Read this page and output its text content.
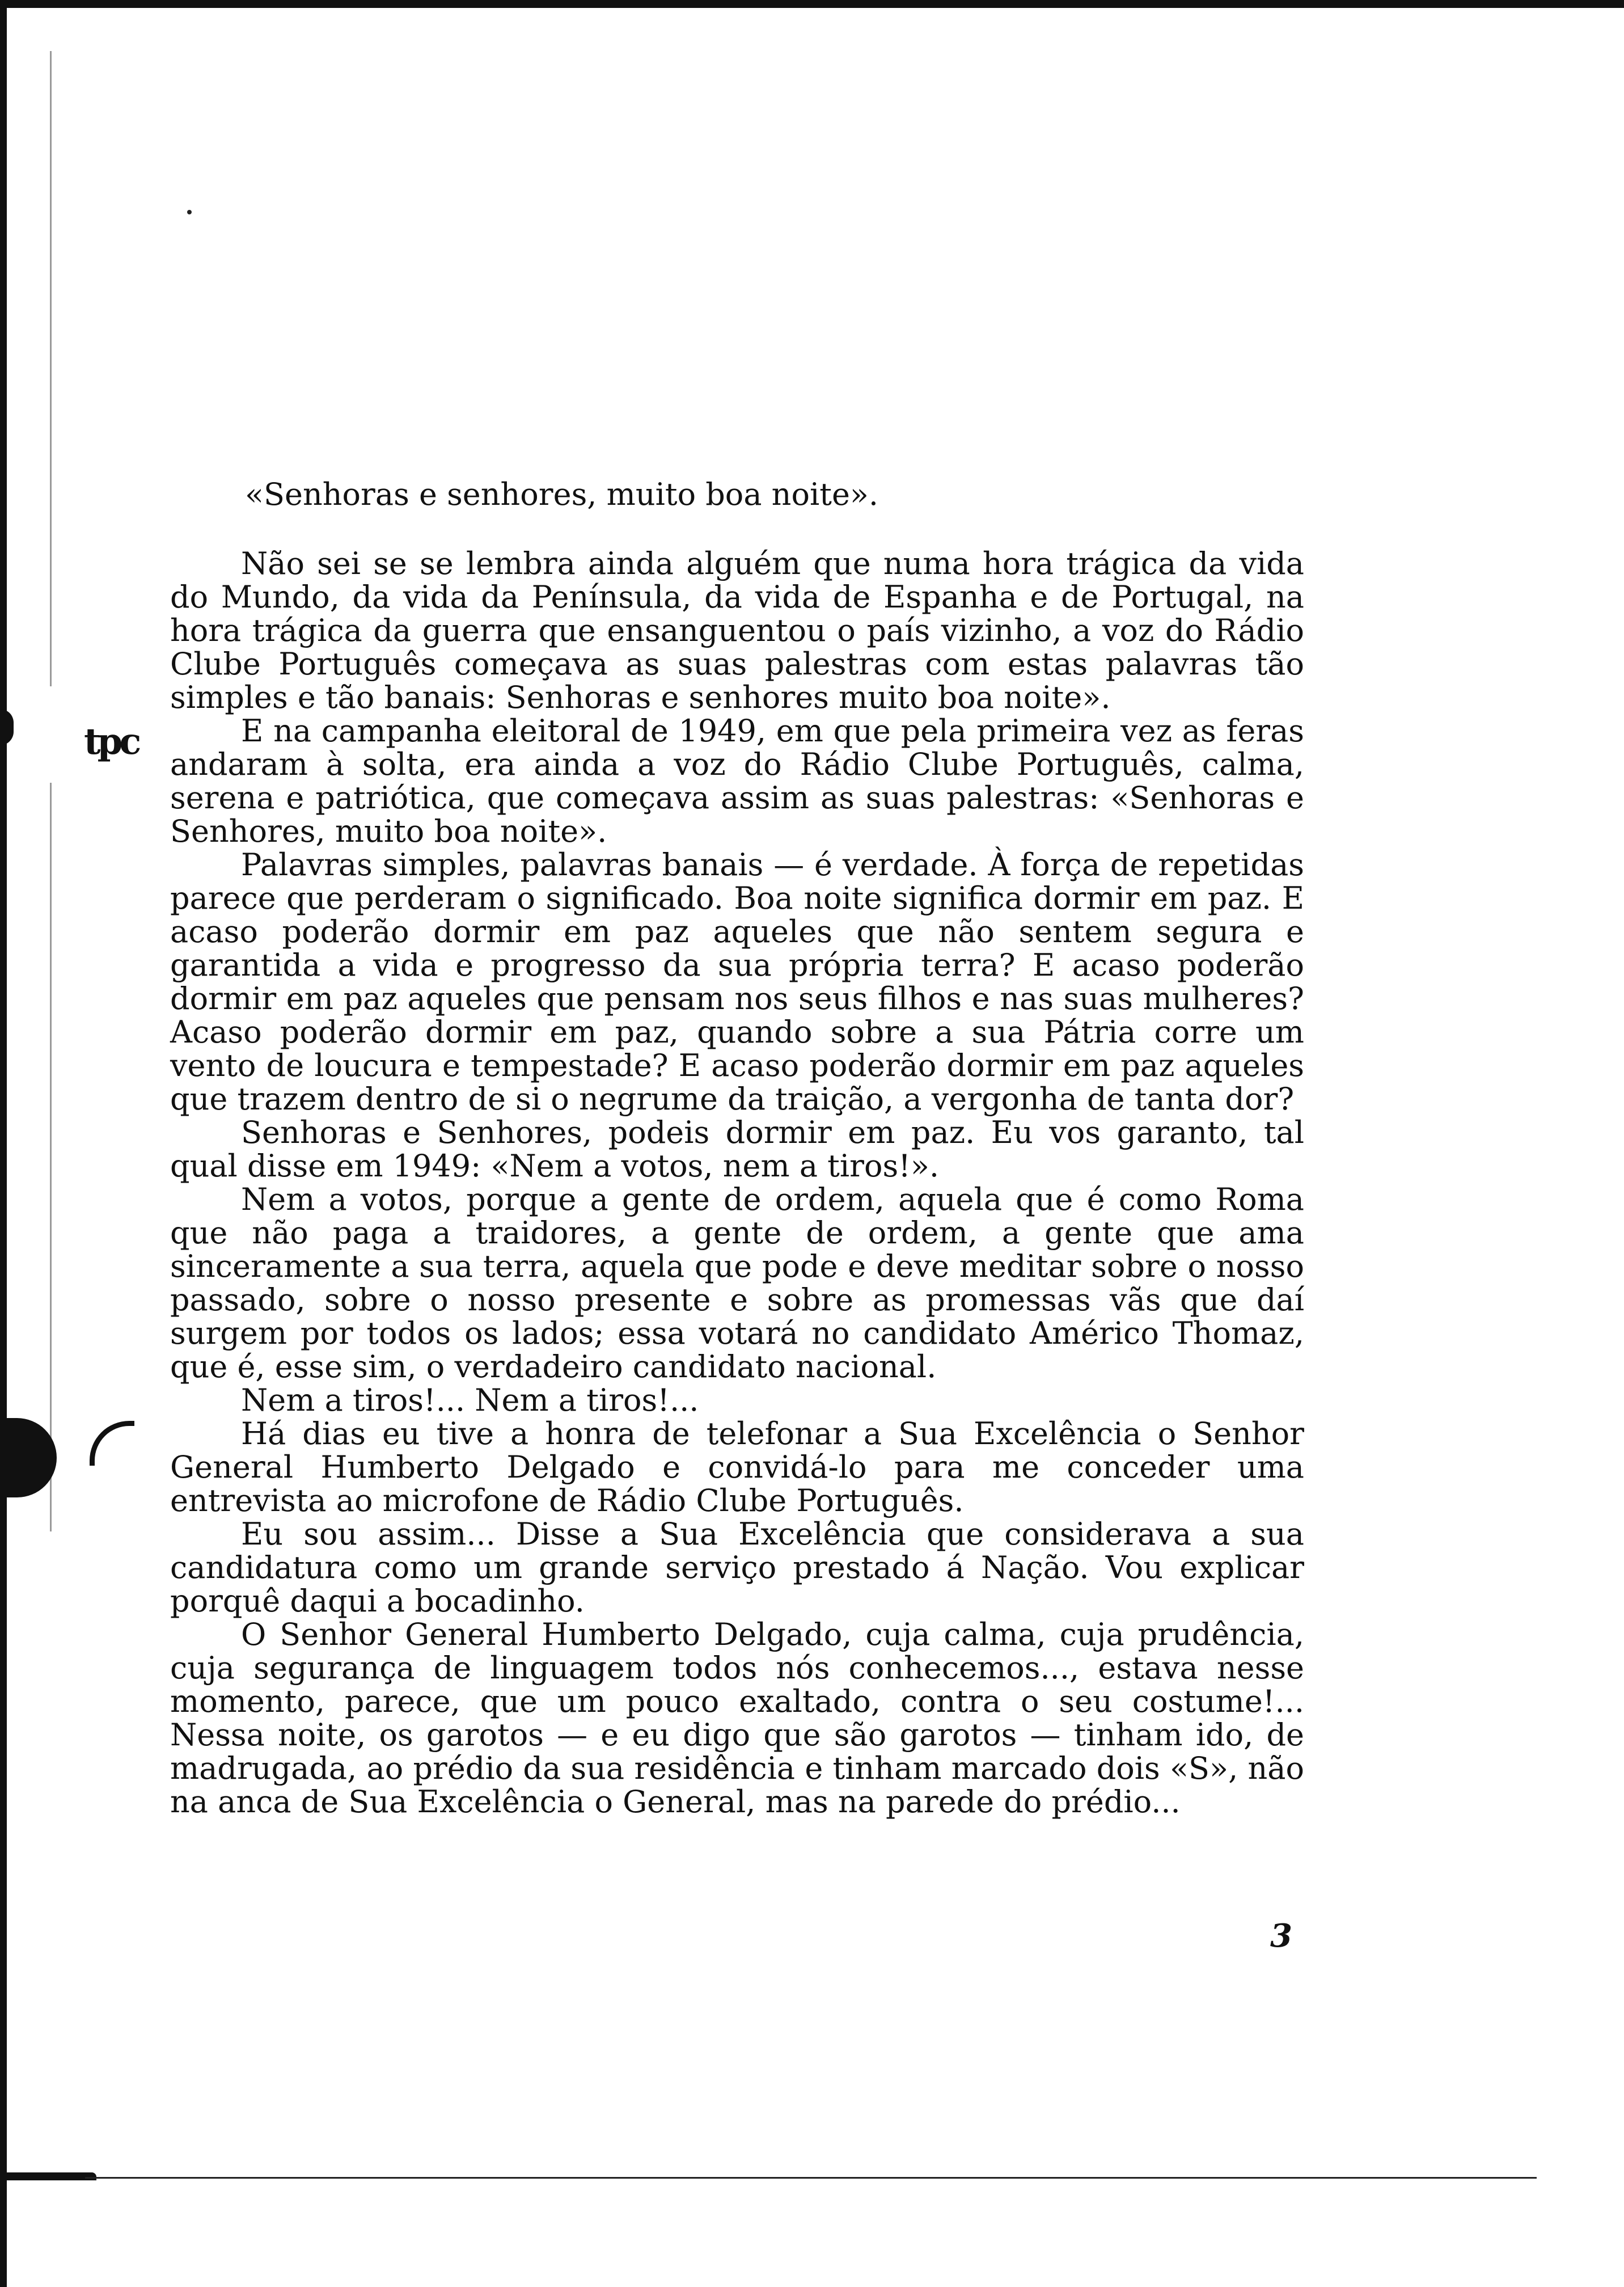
tpc

«Senhoras e senhores, muito boa noite».

Não sei se se lembra ainda alguém que numa hora trágica da vida do Mundo, da vida da Península, da vida de Espanha e de Portugal, na hora trágica da guerra que ensanguentou o país vizinho, a voz do Rádio Clube Português começava as suas palestras com estas palavras tão simples e tão banais: Senhoras e senhores muito boa noite».

E na campanha eleitoral de 1949, em que pela primeira vez as feras andaram à solta, era ainda a voz do Rádio Clube Português, calma, serena e patriótica, que começava assim as suas palestras: «Senhoras e Senhores, muito boa noite».

Palavras simples, palavras banais — é verdade. À força de repetidas parece que perderam o significado. Boa noite significa dormir em paz. E acaso poderão dormir em paz aqueles que não sentem segura e garantida a vida e progresso da sua própria terra? E acaso poderão dormir em paz aqueles que pensam nos seus filhos e nas suas mulheres? Acaso poderão dormir em paz, quando sobre a sua Pátria corre um vento de loucura e tempestade? E acaso poderão dormir em paz aqueles que trazem dentro de si o negrume da traição, a vergonha de tanta dor?

Senhoras e Senhores, podeis dormir em paz. Eu vos garanto, tal qual disse em 1949: «Nem a votos, nem a tiros!».

Nem a votos, porque a gente de ordem, aquela que é como Roma que não paga a traidores, a gente de ordem, a gente que ama sinceramente a sua terra, aquela que pode e deve meditar sobre o nosso passado, sobre o nosso presente e sobre as promessas vãs que daí surgem por todos os lados; essa votará no candidato Américo Thomaz, que é, esse sim, o verdadeiro candidato nacional.

Nem a tiros!... Nem a tiros!...

Há dias eu tive a honra de telefonar a Sua Excelência o Senhor General Humberto Delgado e convidá-lo para me conceder uma entrevista ao microfone de Rádio Clube Português.

Eu sou assim... Disse a Sua Excelência que considerava a sua candidatura como um grande serviço prestado á Nação. Vou explicar porquê daqui a bocadinho.

O Senhor General Humberto Delgado, cuja calma, cuja prudência, cuja segurança de linguagem todos nós conhecemos..., estava nesse momento, parece, que um pouco exaltado, contra o seu costume!... Nessa noite, os garotos — e eu digo que são garotos — tinham ido, de madrugada, ao prédio da sua residência e tinham marcado dois «S», não na anca de Sua Excelência o General, mas na parede do prédio...

3
